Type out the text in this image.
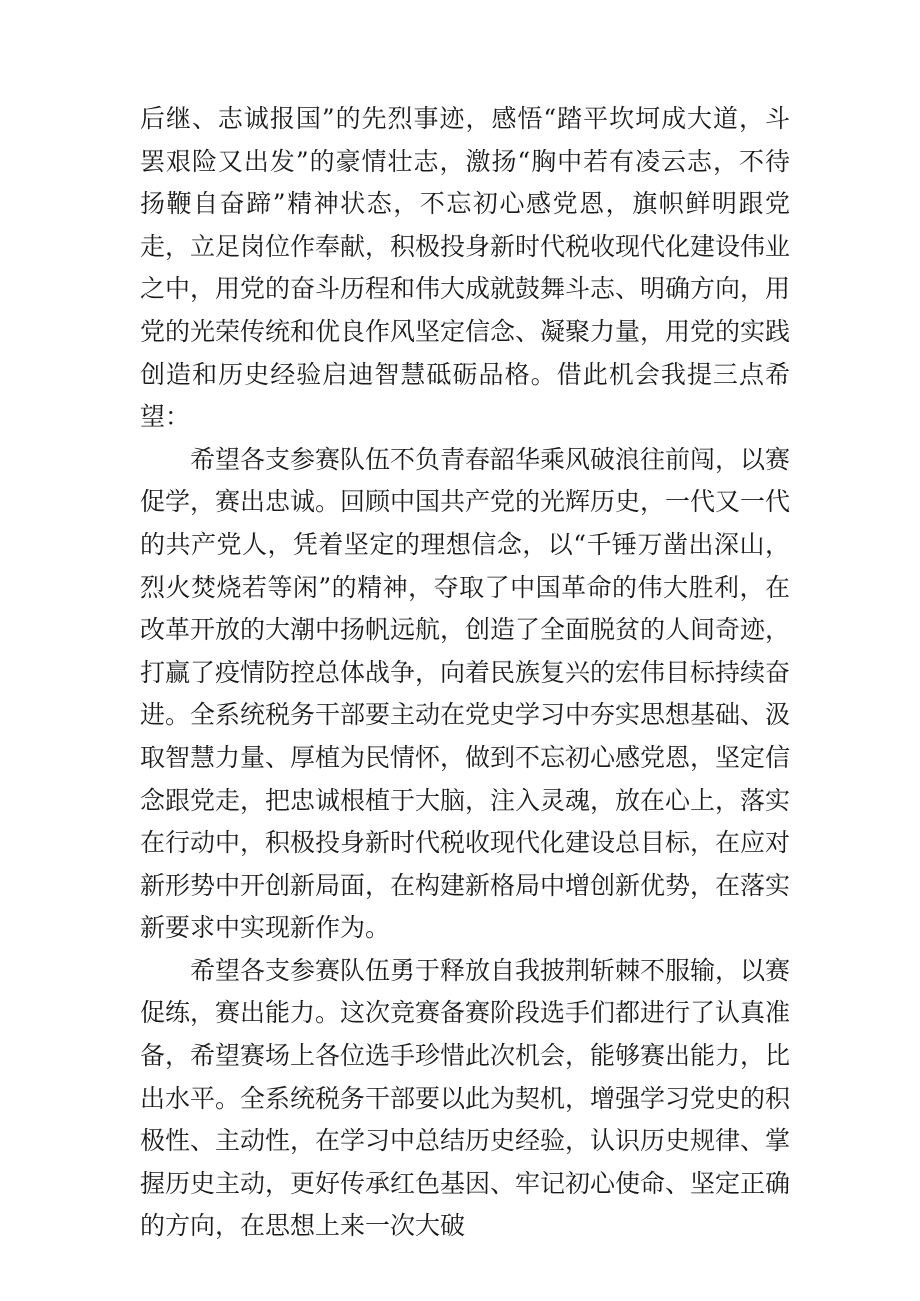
后继、志诚报国”的先烈事迹，感悟“踏平坎坷成大道，斗罢艰险又出发”的豪情壮志，激扬“胸中若有凌云志，不待扬鞭自奋蹄”精神状态，不忘初心感党恩，旗帜鲜明跟党走，立足岗位作奉献，积极投身新时代税收现代化建设伟业之中，用党的奋斗历程和伟大成就鼓舞斗志、明确方向，用党的光荣传统和优良作风坚定信念、凝聚力量，用党的实践创造和历史经验启迪智慧砥砺品格。借此机会我提三点希望：

希望各支参赛队伍不负青春韶华乘风破浪往前闯，以赛促学，赛出忠诚。回顾中国共产党的光辉历史，一代又一代的共产党人，凭着坚定的理想信念，以“千锤万凿出深山，烈火焚烧若等闲”的精神，夺取了中国革命的伟大胜利，在改革开放的大潮中扬帆远航，创造了全面脱贫的人间奇迹，打赢了疫情防控总体战争，向着民族复兴的宏伟目标持续奋进。全系统税务干部要主动在党史学习中夯实思想基础、汲取智慧力量、厚植为民情怀，做到不忘初心感党恩，坚定信念跟党走，把忠诚根植于大脑，注入灵魂，放在心上，落实在行动中，积极投身新时代税收现代化建设总目标，在应对新形势中开创新局面，在构建新格局中增创新优势，在落实新要求中实现新作为。

希望各支参赛队伍勇于释放自我披荆斩棘不服输，以赛促练，赛出能力。这次竞赛备赛阶段选手们都进行了认真准备，希望赛场上各位选手珍惜此次机会，能够赛出能力，比出水平。全系统税务干部要以此为契机，增强学习党史的积极性、主动性，在学习中总结历史经验，认识历史规律、掌握历史主动，更好传承红色基因、牢记初心使命、坚定正确的方向，在思想上来一次大破
